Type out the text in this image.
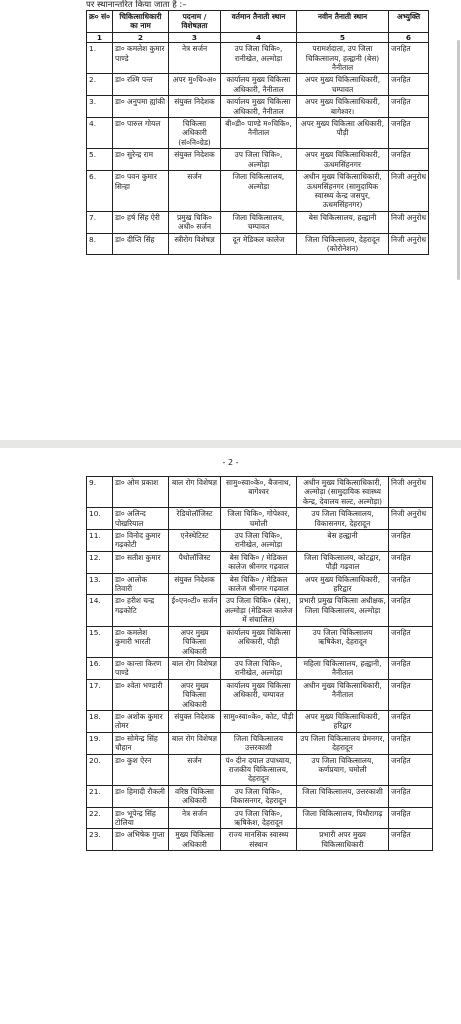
पर स्थानान्तरित किया जाता है :–
क्र० सं०	चिकित्साधिकारी का नाम	पदनाम / विशेषज्ञता	वर्तमान तैनाती स्थान	नवीन तैनाती स्थान	अभ्युक्ति
1	2	3	4	5	6
1.	डा० कमलेश कुमार पाण्डे	नेत्र सर्जन	उप जिला चिकि०, रानीखेत, अल्मोड़ा	परामर्शदाता, उप जिला चिकित्सालय, हल्द्वानी (बेस) नैनीताल	जनहित
2.	डा० रश्मि पन्त	अपर मु०चि०अ०	कार्यालय मुख्य चिकित्सा अधिकारी, नैनीताल	अपर मुख्य चिकित्साधिकारी, चम्पावत	जनहित
3.	डा० अनुपमा ह्यांकी	संयुक्त निदेशक	कार्यालय मुख्य चिकित्सा अधिकारी, नैनीताल	अपर मुख्य चिकित्साधिकारी, बागेश्वर।	जनहित
4.	डा० पारुल गोयल	चिकित्सा अधिकारी (सं०नि०ग्रेड)	बी०डी० पाण्डे म०चिकि०, नैनीताल	अपर मुख्य चिकित्सा अधिकारी, पौड़ी	जनहित
5.	डा० सुरेन्द्र राम	संयुक्त निदेशक	उप जिला चिकि०, अल्मोड़ा	अपर मुख्य चिकित्साधिकारी, ऊधमसिंहनगर	जनहित
6.	डा० पवन कुमार सिन्हा	सर्जन	जिला चिकित्सालय, अल्मोड़ा	अधीन मुख्य चिकित्साधिकारी, ऊधमसिंहनगर (सामुदायिक स्वास्थ्य केन्द्र जसपुर, ऊधमसिंहनगर)	निजी अनुरोध
7.	डा० हर्ष सिंह ऐरी	प्रमुख चिकि० अधी० सर्जन	जिला चिकित्सालय, चम्पावत	बेस चिकित्सालय, हल्द्वानी	निजी अनुरोध
8.	डा० दीप्ति सिंह	स्त्रीरोग विशेषज्ञ	दून मेडिकल कालेज	जिला चिकित्सालय, देहरादून (कोरोनेशन)	निजी अनुरोध
- 2 -
9.	डा० ओम प्रकाश	बाल रोग विशेषज्ञ	सामु०स्वा०के०, बैजनाथ, बागेश्वर	अधीन मुख्य चिकित्साधिकारी, अल्मोड़ा (सामुदायिक स्वास्थ्य केन्द्र, देवालय सल्ट, अल्मोड़ा)	निजी अनुरोध
10.	डा० अलिन्द पोखरियाल	रेडियोलॉजिस्ट	जिला चिकि०, गोपेश्वर, चमोली	उप जिला चिकित्सालय, विकासनगर, देहरादून	निजी अनुरोध
11.	डा० विनोद कुमार गढ़कोटी	एनेस्थेटिस्ट	उप जिला चिकि०, रानीखेत, अल्मोड़ा	बेस हल्द्वानी	जनहित
12.	डा० सतीश कुमार	पैथोलॉजिस्ट	बेस चिकि० / मेडिकल कालेज श्रीनगर गढ़वाल	जिला चिकित्सालय, कोटद्वार, पौड़ी गढ़वाल	जनहित
13.	डा० आलोक तिवारी	संयुक्त निदेशक	बेस चिकि० / मेडिकल कालेज श्रीनगर गढ़वाल	अपर मुख्य चिकित्साधिकारी, हरिद्वार	जनहित
14.	डा० हरीश चन्द्र गढ़कोटि	ई०एन०टी० सर्जन	उप जिला चिकि० (बेस), अल्मोड़ा (मेडिकल कालेज में संचालित)	प्रभारी प्रमुख चिकित्सा अधीक्षक, जिला चिकित्सालय, अल्मोड़ा	जनहित
15.	डा० कमलेश कुमारी भारती	अपर मुख्य चिकित्सा अधिकारी	कार्यालय मुख्य चिकित्सा अधिकारी, पौड़ी	उप जिला चिकित्सालय ऋषिकेश, देहरादून	जनहित
16.	डा० कान्ता किरण पाण्डे	बाल रोग विशेषज्ञ	उप जिला चिकि०, रानीखेत, अल्मोड़ा	महिला चिकित्सालय, हल्द्वानी, नैनीताल	जनहित
17.	डा० श्वेता भण्डारी	अपर मुख्य चिकित्सा अधिकारी	कार्यालय मुख्य चिकित्सा अधिकारी, चम्पावत	अधीन मुख्य चिकित्साधिकारी, नैनीताल	जनहित
18.	डा० अशोक कुमार तोमर	संयुक्त निदेशक	सामु०स्वा०के०, कोट, पौड़ी	अपर मुख्य चिकित्साधिकारी, हरिद्वार	जनहित
19.	डा० सोमेन्द्र सिंह चौहान	बाल रोग विशेषज्ञ	जिला चिकित्सालय उत्तरकाशी	उप जिला चिकित्सालय प्रेमनगर, देहरादून	जनहित
20.	डा० कुश ऐरन	सर्जन	पं० दीन दयाल उपाध्याय, राजकीय चिकित्सालय, देहरादून	उप जिला चिकित्सालय, कर्णप्रयाग, चमोली	जनहित
21.	डा० हिमादी रौकली	वरिष्ठ चिकित्सा अधिकारी	उप जिला चिकि०, विकासनगर, देहरादून	जिला चिकित्सालय, उत्तरकाशी	जनहित
22.	डा० भूपेन्द्र सिंह टोलिया	नेत्र सर्जन	उप जिला चिकि०, ऋषिकेश, देहरादून	जिला चिकित्सालय, पिथौरागढ़	जनहित
23.	डा० अभिषेक गुप्ता	मुख्य चिकित्सा अधिकारी	राज्य मानसिक स्वास्थ्य संस्थान	प्रभारी अपर मुख्य चिकित्साधिकारी	जनहित
